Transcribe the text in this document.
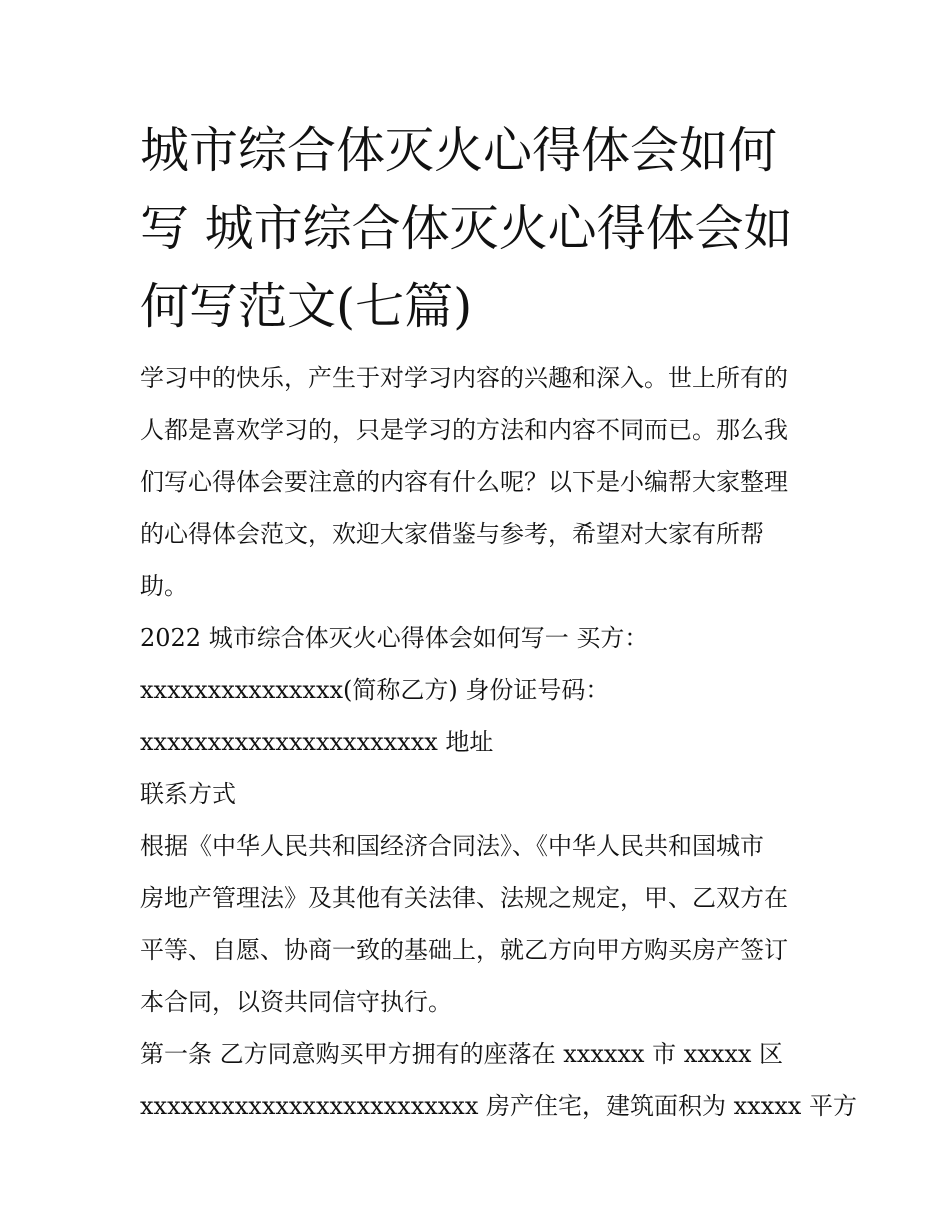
城市综合体灭火心得体会如何
写 城市综合体灭火心得体会如
何写范文(七篇)
学习中的快乐，产生于对学习内容的兴趣和深入。世上所有的
人都是喜欢学习的，只是学习的方法和内容不同而已。那么我
们写心得体会要注意的内容有什么呢？以下是小编帮大家整理
的心得体会范文，欢迎大家借鉴与参考，希望对大家有所帮
助。
2022 城市综合体灭火心得体会如何写一 买方：
xxxxxxxxxxxxxxx(简称乙方) 身份证号码：
xxxxxxxxxxxxxxxxxxxxxx 地址
联系方式
根据《中华人民共和国经济合同法》、《中华人民共和国城市
房地产管理法》及其他有关法律、法规之规定，甲、乙双方在
平等、自愿、协商一致的基础上，就乙方向甲方购买房产签订
本合同，以资共同信守执行。
第一条 乙方同意购买甲方拥有的座落在 xxxxxx 市 xxxxx 区
xxxxxxxxxxxxxxxxxxxxxxxxx 房产住宅，建筑面积为 xxxxx 平方
